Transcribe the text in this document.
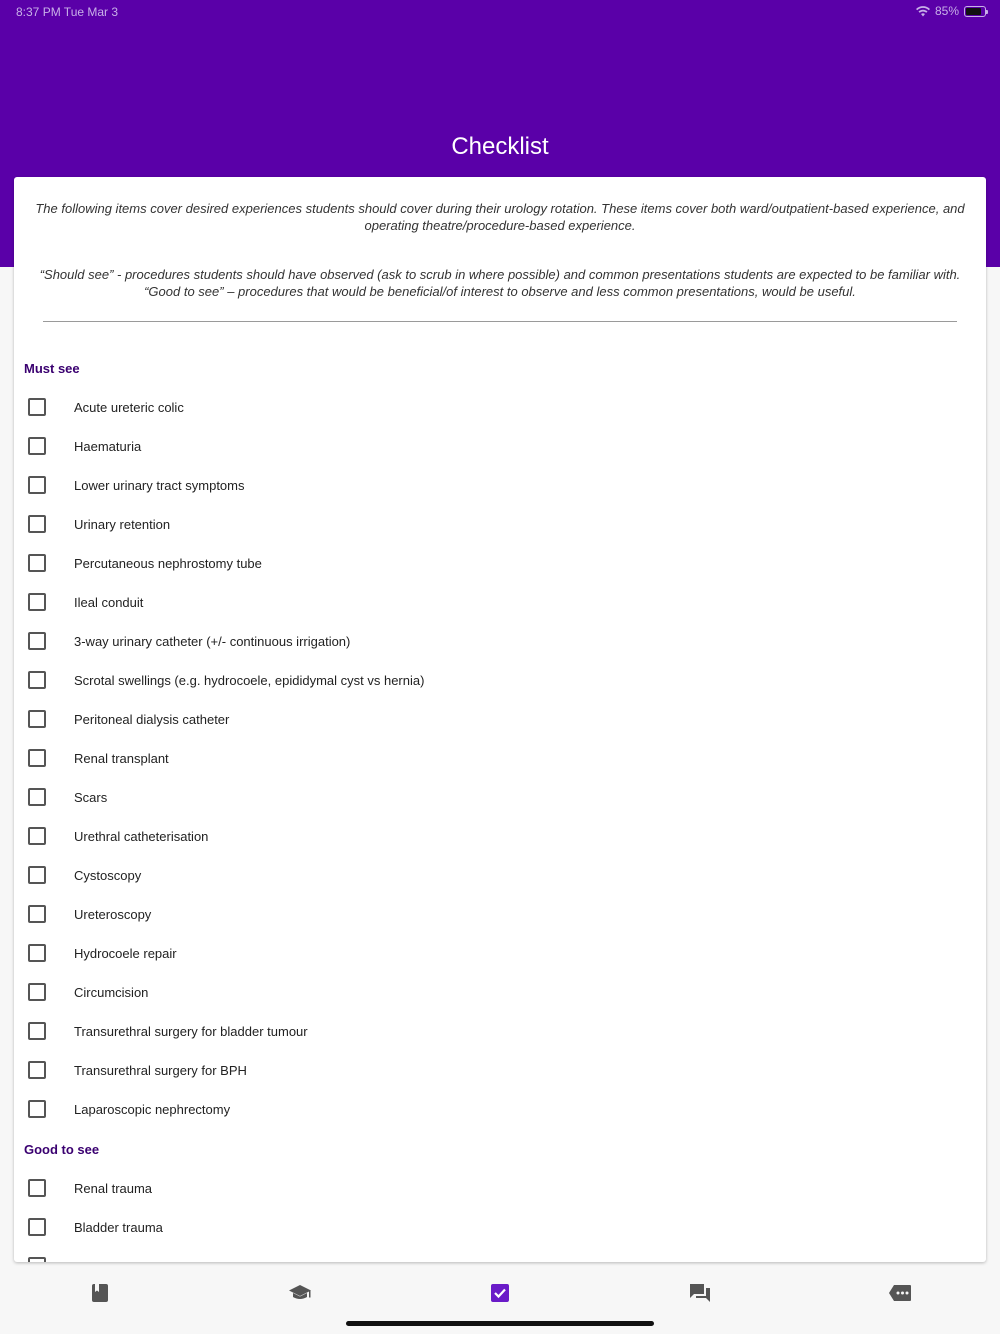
8:37 PM Tue Mar 3	85%
Checklist

The following items cover desired experiences students should cover during their urology rotation. These items cover both ward/outpatient-based experience, and operating theatre/procedure-based experience.

“Should see” - procedures students should have observed (ask to scrub in where possible) and common presentations students are expected to be familiar with. “Good to see” – procedures that would be beneficial/of interest to observe and less common presentations, would be useful.

Must see
Acute ureteric colic
Haematuria
Lower urinary tract symptoms
Urinary retention
Percutaneous nephrostomy tube
Ileal conduit
3-way urinary catheter (+/- continuous irrigation)
Scrotal swellings (e.g. hydrocoele, epididymal cyst vs hernia)
Peritoneal dialysis catheter
Renal transplant
Scars
Urethral catheterisation
Cystoscopy
Ureteroscopy
Hydrocoele repair
Circumcision
Transurethral surgery for bladder tumour
Transurethral surgery for BPH
Laparoscopic nephrectomy
Good to see
Renal trauma
Bladder trauma
